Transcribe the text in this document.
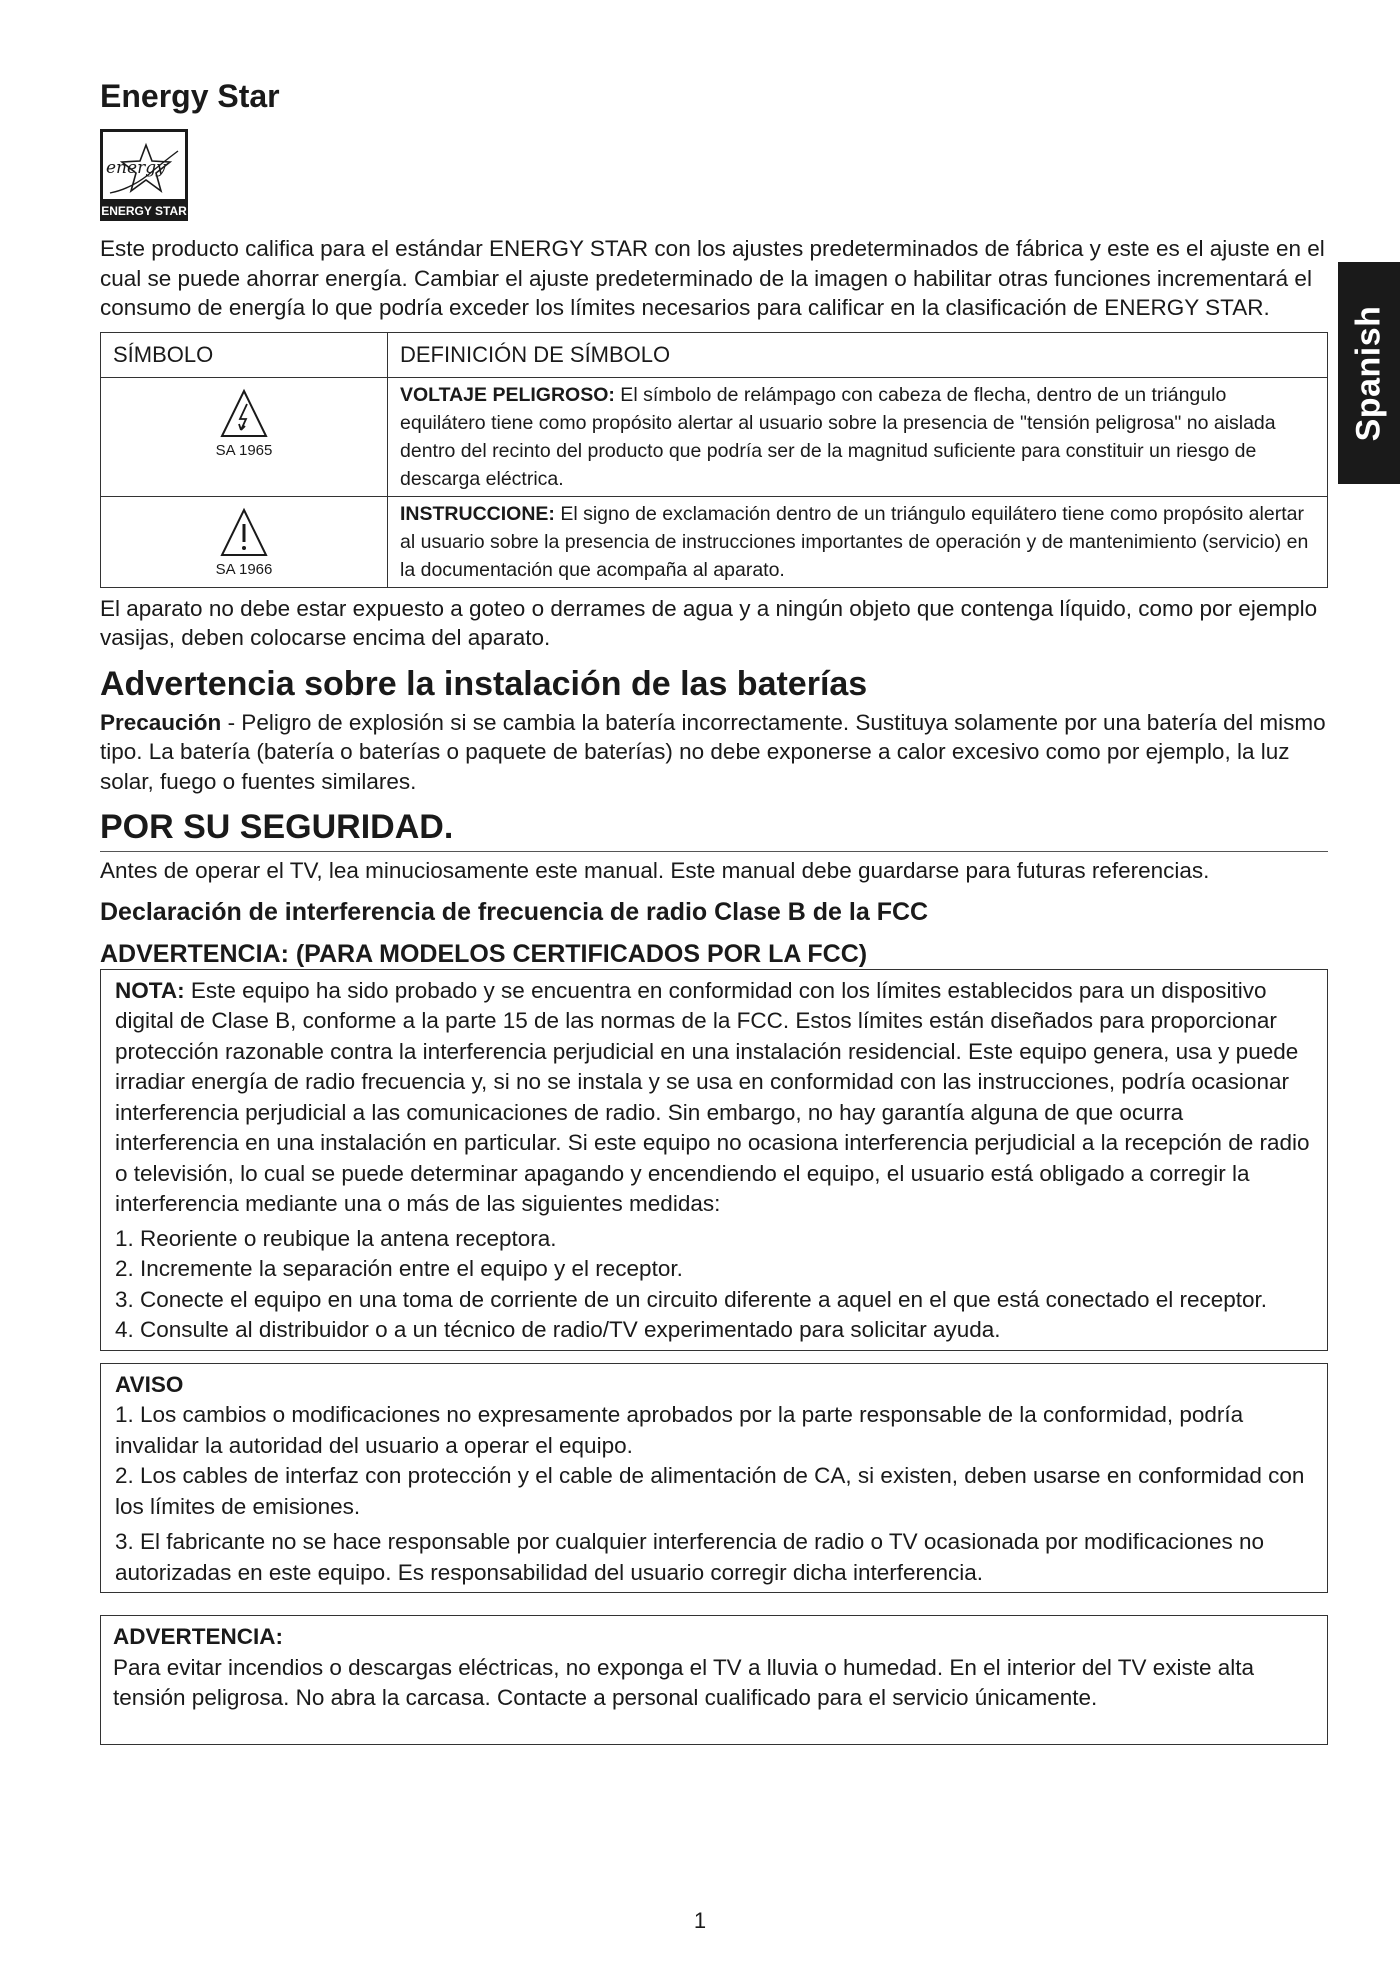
Spanish
Energy Star
energy
ENERGY STAR

Este producto califica para el estándar ENERGY STAR con los ajustes predeterminados de fábrica y este es el ajuste en el cual se puede ahorrar energía. Cambiar el ajuste predeterminado de la imagen o habilitar otras funciones incrementará el consumo de energía lo que podría exceder los límites necesarios para calificar en la clasificación de ENERGY STAR.

SÍMBOLO	DEFINICIÓN DE SÍMBOLO

SA 1965	VOLTAJE PELIGROSO: El símbolo de relámpago con cabeza de flecha, dentro de un triángulo equilátero tiene como propósito alertar al usuario sobre la presencia de "tensión peligrosa" no aislada dentro del recinto del producto que podría ser de la magnitud suficiente para constituir un riesgo de descarga eléctrica.

SA 1966	INSTRUCCIONE: El signo de exclamación dentro de un triángulo equilátero tiene como propósito alertar al usuario sobre la presencia de instrucciones importantes de operación y de mantenimiento (servicio) en la documentación que acompaña al aparato.

El aparato no debe estar expuesto a goteo o derrames de agua y a ningún objeto que contenga líquido, como por ejemplo vasijas, deben colocarse encima del aparato.

Advertencia sobre la instalación de las baterías

Precaución - Peligro de explosión si se cambia la batería incorrectamente. Sustituya solamente por una batería del mismo tipo. La batería (batería o baterías o paquete de baterías) no debe exponerse a calor excesivo como por ejemplo, la luz solar, fuego o fuentes similares.

POR SU SEGURIDAD.

Antes de operar el TV, lea minuciosamente este manual. Este manual debe guardarse para futuras referencias.

Declaración de interferencia de frecuencia de radio Clase B de la FCC
ADVERTENCIA: (PARA MODELOS CERTIFICADOS POR LA FCC)

NOTA: Este equipo ha sido probado y se encuentra en conformidad con los límites establecidos para un dispositivo digital de Clase B, conforme a la parte 15 de las normas de la FCC. Estos límites están diseñados para proporcionar protección razonable contra la interferencia perjudicial en una instalación residencial. Este equipo genera, usa y puede irradiar energía de radio frecuencia y, si no se instala y se usa en conformidad con las instrucciones, podría ocasionar interferencia perjudicial a las comunicaciones de radio. Sin embargo, no hay garantía alguna de que ocurra interferencia en una instalación en particular. Si este equipo no ocasiona interferencia perjudicial a la recepción de radio o televisión, lo cual se puede determinar apagando y encendiendo el equipo, el usuario está obligado a corregir la interferencia mediante una o más de las siguientes medidas:

1. Reoriente o reubique la antena receptora.

2. Incremente la separación entre el equipo y el receptor.

3. Conecte el equipo en una toma de corriente de un circuito diferente a aquel en el que está conectado el receptor.

4. Consulte al distribuidor o a un técnico de radio/TV experimentado para solicitar ayuda.

AVISO

1. Los cambios o modificaciones no expresamente aprobados por la parte responsable de la conformidad, podría invalidar la autoridad del usuario a operar el equipo.

2. Los cables de interfaz con protección y el cable de alimentación de CA, si existen, deben usarse en conformidad con los límites de emisiones.

3. El fabricante no se hace responsable por cualquier interferencia de radio o TV ocasionada por modificaciones no autorizadas en este equipo. Es responsabilidad del usuario corregir dicha interferencia.

ADVERTENCIA:

Para evitar incendios o descargas eléctricas, no exponga el TV a lluvia o humedad. En el interior del TV existe alta tensión peligrosa. No abra la carcasa. Contacte a personal cualificado para el servicio únicamente.

1
